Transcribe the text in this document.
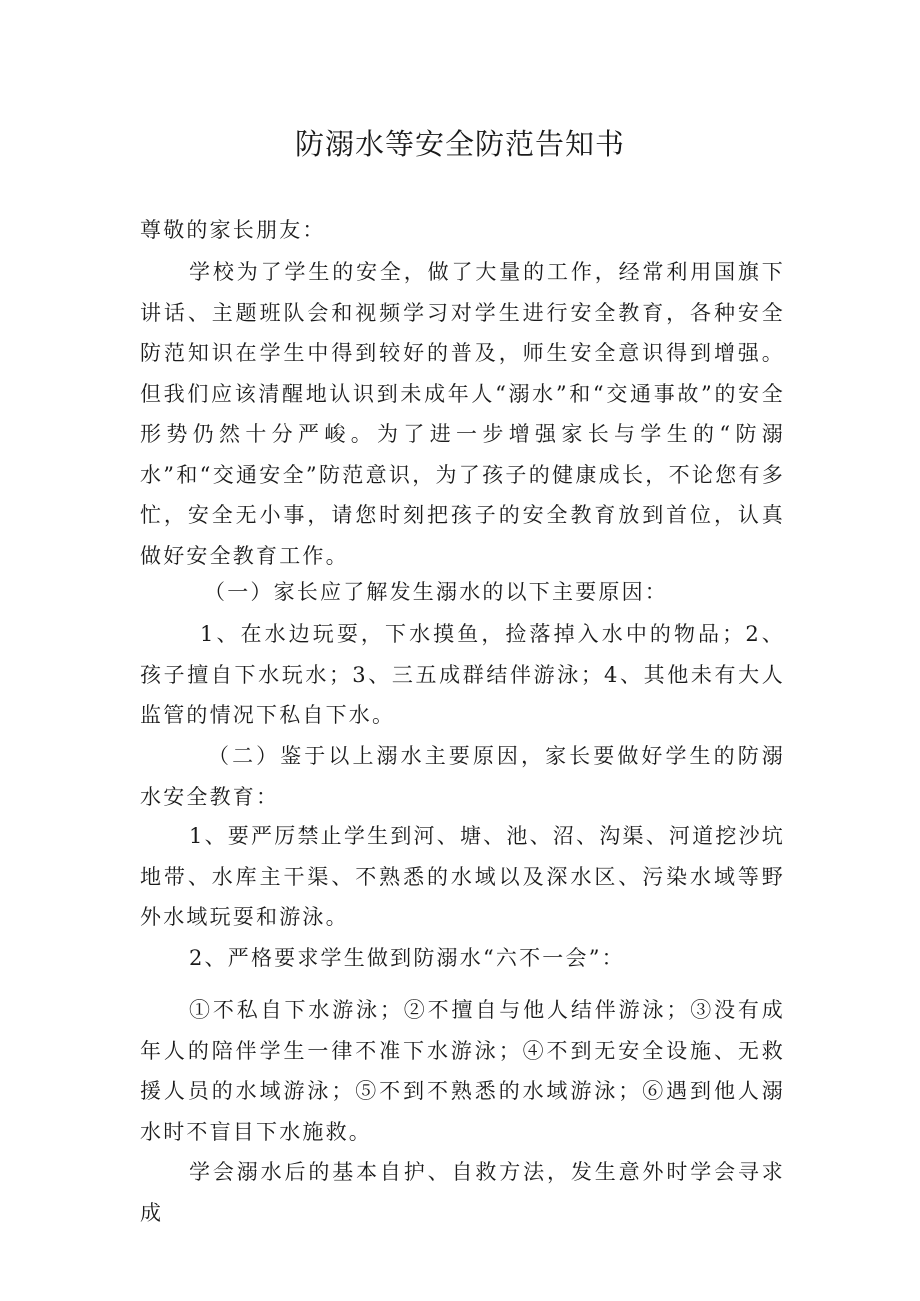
防溺水等安全防范告知书

尊敬的家长朋友：

学校为了学生的安全，做了大量的工作，经常利用国旗下讲话、主题班队会和视频学习对学生进行安全教育，各种安全防范知识在学生中得到较好的普及，师生安全意识得到增强。但我们应该清醒地认识到未成年人“溺水”和“交通事故”的安全形势仍然十分严峻。为了进一步增强家长与学生的“防溺水”和“交通安全”防范意识，为了孩子的健康成长，不论您有多忙，安全无小事，请您时刻把孩子的安全教育放到首位，认真做好安全教育工作。

（一）家长应了解发生溺水的以下主要原因：

1、在水边玩耍，下水摸鱼，捡落掉入水中的物品；2、孩子擅自下水玩水；3、三五成群结伴游泳；4、其他未有大人监管的情况下私自下水。

（二）鉴于以上溺水主要原因，家长要做好学生的防溺水安全教育：

1、要严厉禁止学生到河、塘、池、沼、沟渠、河道挖沙坑地带、水库主干渠、不熟悉的水域以及深水区、污染水域等野外水域玩耍和游泳。

2、严格要求学生做到防溺水“六不一会”：

①不私自下水游泳；②不擅自与他人结伴游泳；③没有成年人的陪伴学生一律不准下水游泳；④不到无安全设施、无救援人员的水域游泳；⑤不到不熟悉的水域游泳；⑥遇到他人溺水时不盲目下水施救。

学会溺水后的基本自护、自救方法，发生意外时学会寻求成
